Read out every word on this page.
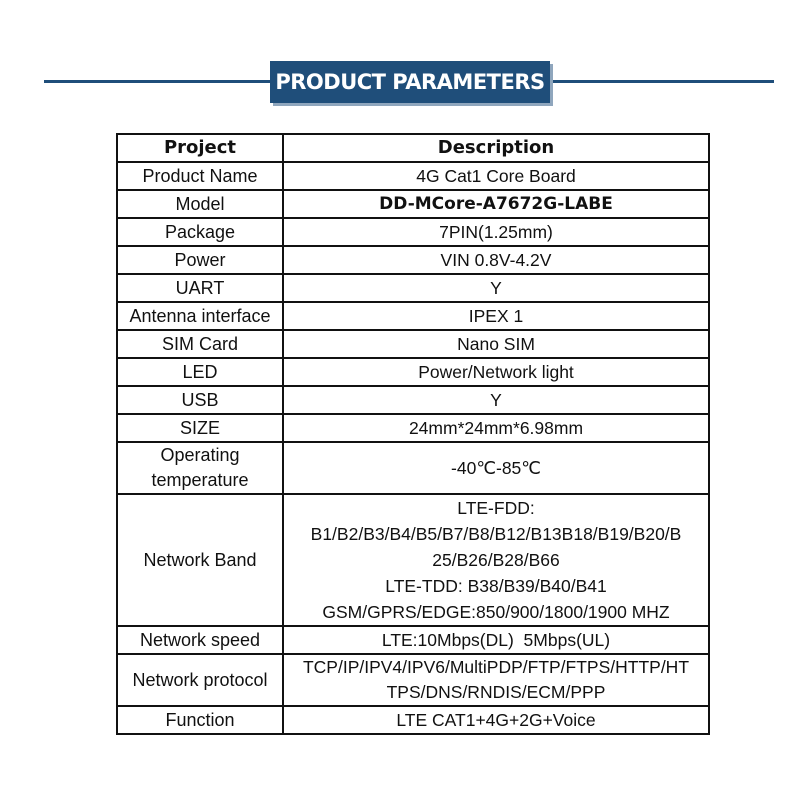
PRODUCT PARAMETERS
Project	Description
Product Name	4G Cat1 Core Board

Model	DD-MCore-A7672G-LABE

Package	7PIN(1.25mm)

Power	VIN 0.8V-4.2V

UART	Y

Antenna interface	IPEX 1

SIM Card	Nano SIM

LED	Power/Network light

USB	Y

SIZE	24mm*24mm*6.98mm

Operating
temperature	-40℃-85℃

Network Band	LTE-FDD:
B1/B2/B3/B4/B5/B7/B8/B12/B13B18/B19/B20/B
25/B26/B28/B66
LTE-TDD: B38/B39/B40/B41
GSM/GPRS/EDGE:850/900/1800/1900 MHZ

Network speed	LTE:10Mbps(DL)  5Mbps(UL)

Network protocol	TCP/IP/IPV4/IPV6/MultiPDP/FTP/FTPS/HTTP/HT
TPS/DNS/RNDIS/ECM/PPP

Function	LTE CAT1+4G+2G+Voice
